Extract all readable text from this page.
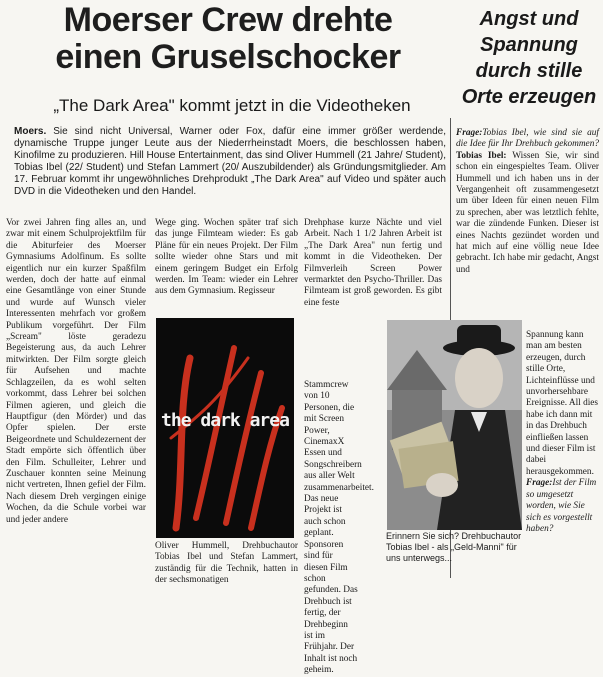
Moerser Crew drehte
einen Gruselschocker
„The Dark Area" kommt jetzt in die Videotheken
Angst und
Spannung
durch stille
Orte erzeugen
Moers. Sie sind nicht Universal, Warner oder Fox, dafür eine immer größer werdende, dynamische Truppe junger Leute aus der Niederrheinstadt Moers, die beschlossen haben, Kinofilme zu produzieren. Hill House Entertainment, das sind Oliver Hummell (21 Jahre/ Student), Tobias Ibel (22/ Student) und Stefan Lammert (20/ Auszubildender) als Gründungsmitglieder. Am 17. Februar kommt ihr ungewöhnliches Drehprodukt „The Dark Area" auf Video und später auch DVD in die Videotheken und den Handel.
Vor zwei Jahren fing alles an, und zwar mit einem Schulprojektfilm für die Abiturfeier des Moerser Gymnasiums Adolfinum. Es sollte eigentlich nur ein kurzer Spaßfilm werden, doch der hatte auf einmal eine Gesamtlänge von einer Stunde und wurde auf Wunsch vieler Interessenten mehrfach vor großem Publikum vorgeführt. Der Film „Scream" löste geradezu Begeisterung aus, da auch Lehrer mitwirkten. Der Film sorgte gleich für Aufsehen und machte Schlagzeilen, da es wohl selten vorkommt, dass Lehrer bei solchen Filmen agieren, und gleich die Hauptfigur (den Mörder) und das Opfer spielen. Der erste Beigeordnete und Schuldezernent der Stadt empörte sich öffentlich über den Film. Schulleiter, Lehrer und Zuschauer konnten seine Meinung nicht vertreten, Ihnen gefiel der Film. Nach diesem Dreh vergingen einige Wochen, da die Schule vorbei war und jeder andere
Wege ging. Wochen später traf sich das junge Filmteam wieder: Es gab Pläne für ein neues Projekt. Der Film sollte wieder ohne Stars und mit einem geringem Budget ein Erfolg werden. Im Team: wieder ein Lehrer aus dem Gymnasium. Regisseur
the dark area
Oliver Hummell, Drehbuchautor Tobias Ibel und Stefan Lammert, zuständig für die Technik, hatten in der sechsmonatigen
Drehphase kurze Nächte und viel Arbeit. Nach 1 1/2 Jahren Arbeit ist „The Dark Area" nun fertig und kommt in die Videotheken. Der Filmverleih Screen Power vermarktet den Psycho-Thriller. Das Filmteam ist groß geworden. Es gibt eine feste
Stammcrew von 10 Personen, die mit Screen Power, CinemaxX Essen und Songschreibern aus aller Welt zusammenarbeitet. Das neue Projekt ist auch schon geplant. Sponsoren sind für diesen Film schon gefunden. Das Drehbuch ist fertig, der Drehbeginn ist im Frühjahr. Der Inhalt ist noch geheim.
Erinnern Sie sich? Drehbuchautor Tobias Ibel - als „Geld-Manni" für uns unterwegs...
Frage:Tobias Ibel, wie sind sie auf die Idee für Ihr Drehbuch gekommen? Tobias Ibel: Wissen Sie, wir sind schon ein eingespieltes Team. Oliver Hummell und ich haben uns in der Vergangenheit oft zusammengesetzt um über Ideen für einen neuen Film zu sprechen, aber was letztlich fehlte, war die zündende Funken. Dieser ist eines Nachts gezündet worden und hat mich auf eine völlig neue Idee gebracht. Ich habe mir gedacht, Angst und
Spannung kann man am besten erzeugen, durch stille Orte, Lichteinflüsse und unvorhersehbare Ereignisse. All dies habe ich dann mit in das Drehbuch einfließen lassen und dieser Film ist dabei herausgekommen. Frage:Ist der Film so umgesetzt worden, wie Sie sich es vorgestellt haben?
